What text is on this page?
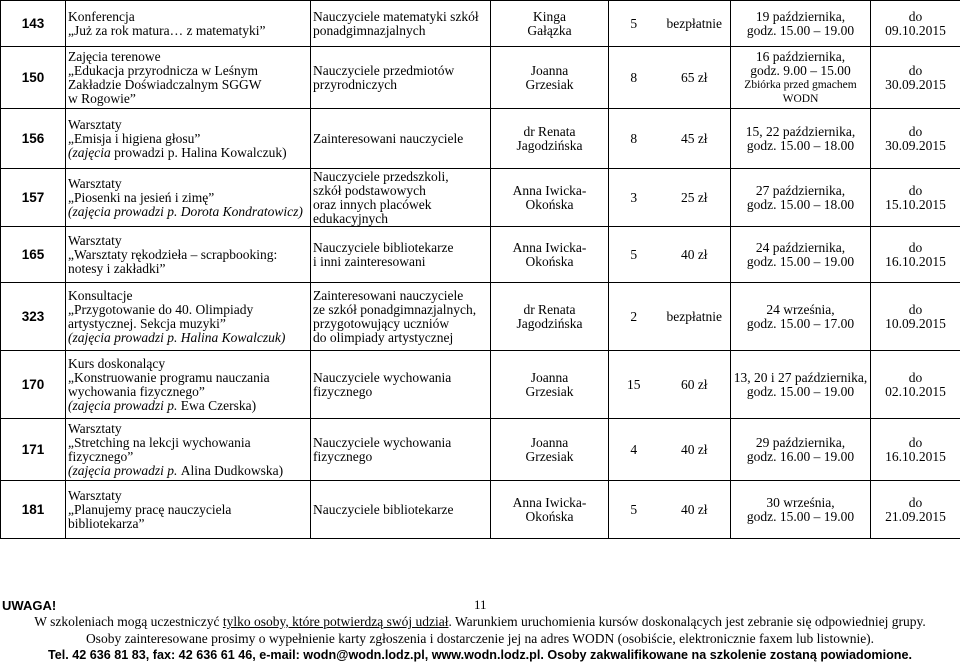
143	Konferencja
„Już za rok matura… z matematyki”	Nauczyciele matematyki szkół
ponadgimnazjalnych	Kinga
Gałązka	5	bezpłatnie	19 października,
godz. 15.00 – 19.00	do
09.10.2015

150	Zajęcia terenowe
„Edukacja przyrodnicza w Leśnym
Zakładzie Doświadczalnym SGGW
w Rogowie”	Nauczyciele przedmiotów
przyrodniczych	Joanna
Grzesiak	8	65 zł	16 października,
godz. 9.00 – 15.00
Zbiórka przed gmachem
WODN	do
30.09.2015

156	Warsztaty
„Emisja i higiena głosu”
(zajęcia prowadzi p. Halina Kowalczuk)	Zainteresowani nauczyciele	dr Renata
Jagodzińska	8	45 zł	15, 22 października,
godz. 15.00 – 18.00	do
30.09.2015

157	Warsztaty
„Piosenki na jesień i zimę”
(zajęcia prowadzi p. Dorota Kondratowicz)	Nauczyciele przedszkoli,
szkół podstawowych
oraz innych placówek
edukacyjnych	Anna Iwicka-
Okońska	3	25 zł	27 października,
godz. 15.00 – 18.00	do
15.10.2015

165	Warsztaty
„Warsztaty rękodzieła – scrapbooking:
notesy i zakładki”	Nauczyciele bibliotekarze
i inni zainteresowani	Anna Iwicka-
Okońska	5	40 zł	24 października,
godz. 15.00 – 19.00	do
16.10.2015

323	Konsultacje
„Przygotowanie do 40. Olimpiady
artystycznej. Sekcja muzyki”
(zajęcia prowadzi p. Halina Kowalczuk)	Zainteresowani nauczyciele
ze szkół ponadgimnazjalnych,
przygotowujący uczniów
do olimpiady artystycznej	dr Renata
Jagodzińska	2	bezpłatnie	24 września,
godz. 15.00 – 17.00	do
10.09.2015

170	Kurs doskonalący
„Konstruowanie programu nauczania
wychowania fizycznego”
(zajęcia prowadzi p. Ewa Czerska)	Nauczyciele wychowania
fizycznego	Joanna
Grzesiak	15	60 zł	13, 20 i 27 października,
godz. 15.00 – 19.00	do
02.10.2015

171	Warsztaty
„Stretching na lekcji wychowania
fizycznego”
(zajęcia prowadzi p. Alina Dudkowska)	Nauczyciele wychowania
fizycznego	Joanna
Grzesiak	4	40 zł	29 października,
godz. 16.00 – 19.00	do
16.10.2015

181	Warsztaty
„Planujemy pracę nauczyciela
bibliotekarza”	Nauczyciele bibliotekarze	Anna Iwicka-
Okońska	5	40 zł	30 września,
godz. 15.00 – 19.00	do
21.09.2015
UWAGA!	11
W szkoleniach mogą uczestniczyć tylko osoby, które potwierdzą swój udział. Warunkiem uruchomienia kursów doskonalących jest zebranie się odpowiedniej grupy.
Osoby zainteresowane prosimy o wypełnienie karty zgłoszenia i dostarczenie jej na adres WODN (osobiście, elektronicznie faxem lub listownie).
Tel. 42 636 81 83, fax: 42 636 61 46, e-mail: wodn@wodn.lodz.pl, www.wodn.lodz.pl. Osoby zakwalifikowane na szkolenie zostaną powiadomione.
